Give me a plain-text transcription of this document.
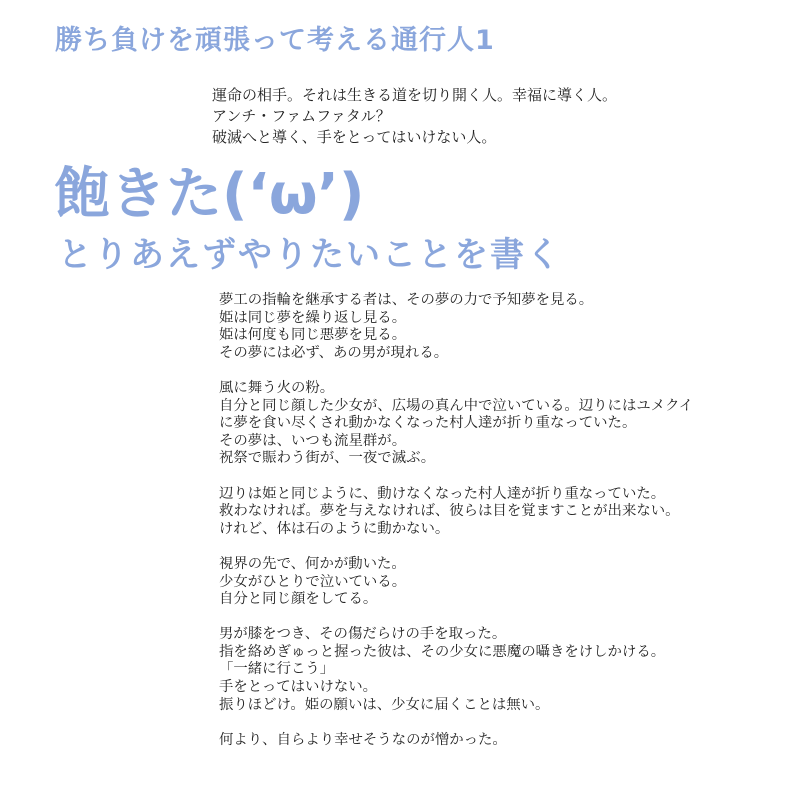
勝ち負けを頑張って考える通行人1

運命の相手。それは生きる道を切り開く人。幸福に導く人。

アンチ・ファムファタル？

破滅へと導く、手をとってはいけない人。

飽きた(‘ω’)
とりあえずやりたいことを書く

夢工の指輪を継承する者は、その夢の力で予知夢を見る。
姫は同じ夢を繰り返し見る。
姫は何度も同じ悪夢を見る。
その夢には必ず、あの男が現れる。

風に舞う火の粉。
自分と同じ顔した少女が、広場の真ん中で泣いている。辺りにはユメクイ
に夢を食い尽くされ動かなくなった村人達が折り重なっていた。
その夢は、いつも流星群が。
祝祭で賑わう街が、一夜で滅ぶ。

辺りは姫と同じように、動けなくなった村人達が折り重なっていた。
救わなければ。夢を与えなければ、彼らは目を覚ますことが出来ない。
けれど、体は石のように動かない。

視界の先で、何かが動いた。
少女がひとりで泣いている。
自分と同じ顔をしてる。

男が膝をつき、その傷だらけの手を取った。
指を絡めぎゅっと握った彼は、その少女に悪魔の囁きをけしかける。
「一緒に行こう」
手をとってはいけない。
振りほどけ。姫の願いは、少女に届くことは無い。

何より、自らより幸せそうなのが憎かった。
